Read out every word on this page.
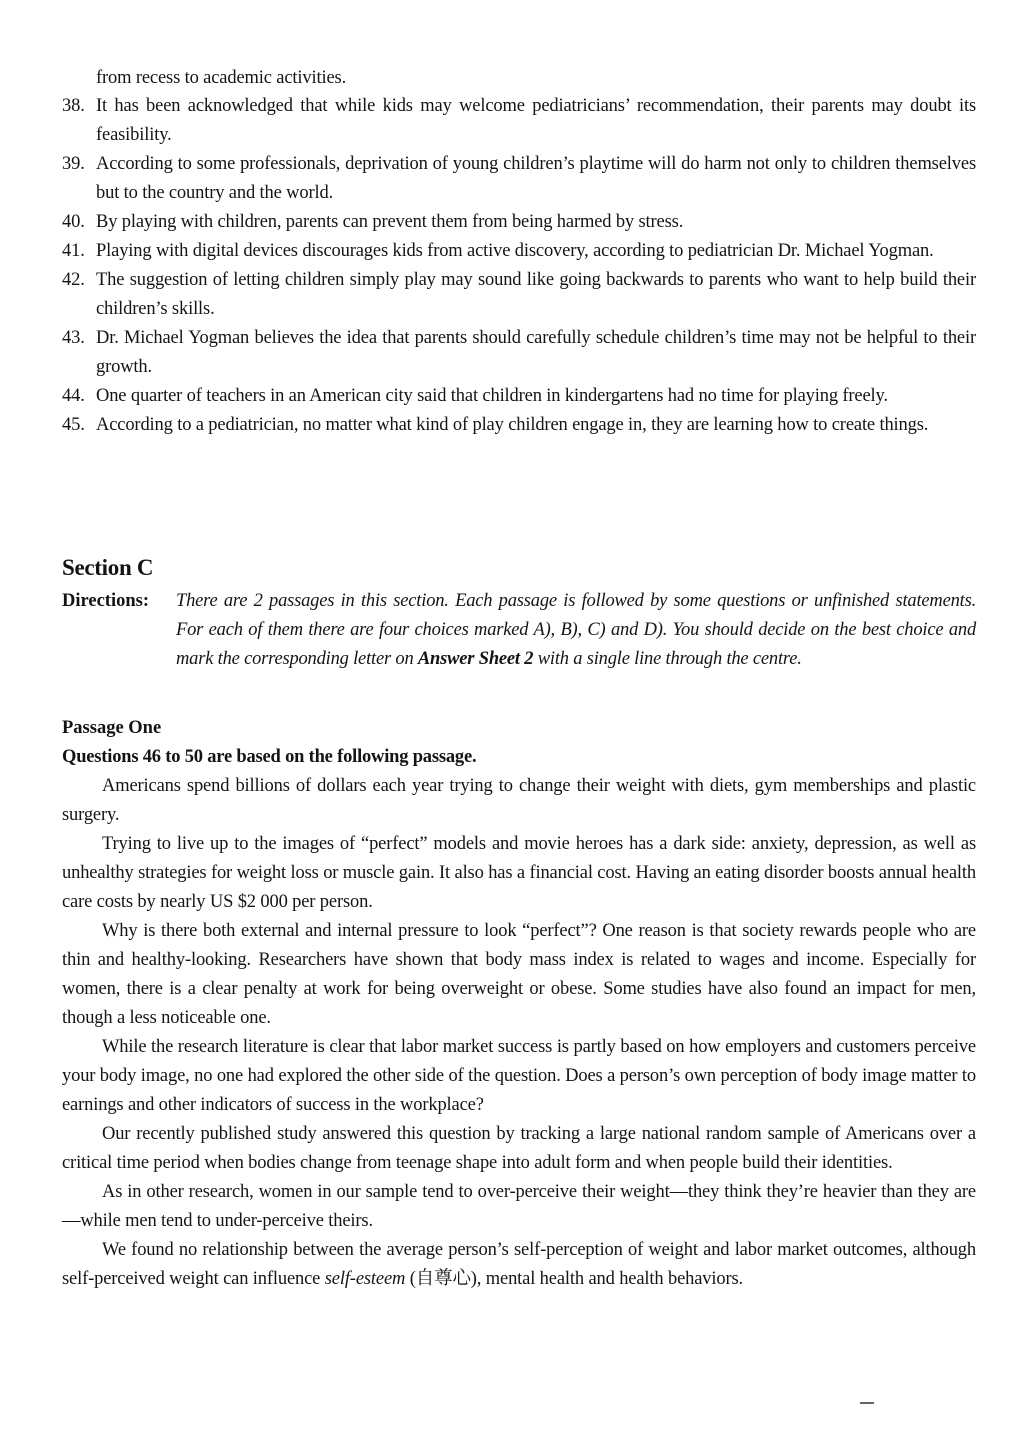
from recess to academic activities.
38. It has been acknowledged that while kids may welcome pediatricians’ recommendation, their parents may doubt its feasibility.
39. According to some professionals, deprivation of young children’s playtime will do harm not only to children themselves but to the country and the world.
40. By playing with children, parents can prevent them from being harmed by stress.
41. Playing with digital devices discourages kids from active discovery, according to pediatrician Dr. Michael Yogman.
42. The suggestion of letting children simply play may sound like going backwards to parents who want to help build their children’s skills.
43. Dr. Michael Yogman believes the idea that parents should carefully schedule children’s time may not be helpful to their growth.
44. One quarter of teachers in an American city said that children in kindergartens had no time for playing freely.
45. According to a pediatrician, no matter what kind of play children engage in, they are learning how to create things.
Section C
Directions: There are 2 passages in this section. Each passage is followed by some questions or unfinished statements. For each of them there are four choices marked A), B), C) and D). You should decide on the best choice and mark the corresponding letter on Answer Sheet 2 with a single line through the centre.
Passage One
Questions 46 to 50 are based on the following passage.

Americans spend billions of dollars each year trying to change their weight with diets, gym memberships and plastic surgery.

Trying to live up to the images of “perfect” models and movie heroes has a dark side: anxiety, depression, as well as unhealthy strategies for weight loss or muscle gain. It also has a financial cost. Having an eating disorder boosts annual health care costs by nearly US $2 000 per person.

Why is there both external and internal pressure to look “perfect”? One reason is that society rewards people who are thin and healthy-looking. Researchers have shown that body mass index is related to wages and income. Especially for women, there is a clear penalty at work for being overweight or obese. Some studies have also found an impact for men, though a less noticeable one.

While the research literature is clear that labor market success is partly based on how employers and customers perceive your body image, no one had explored the other side of the question. Does a person’s own perception of body image matter to earnings and other indicators of success in the workplace?

Our recently published study answered this question by tracking a large national random sample of Americans over a critical time period when bodies change from teenage shape into adult form and when people build their identities.

As in other research, women in our sample tend to over-perceive their weight—they think they’re heavier than they are—while men tend to under-perceive theirs.

We found no relationship between the average person’s self-perception of weight and labor market outcomes, although self-perceived weight can influence self-esteem (自尊心), mental health and health behaviors.
